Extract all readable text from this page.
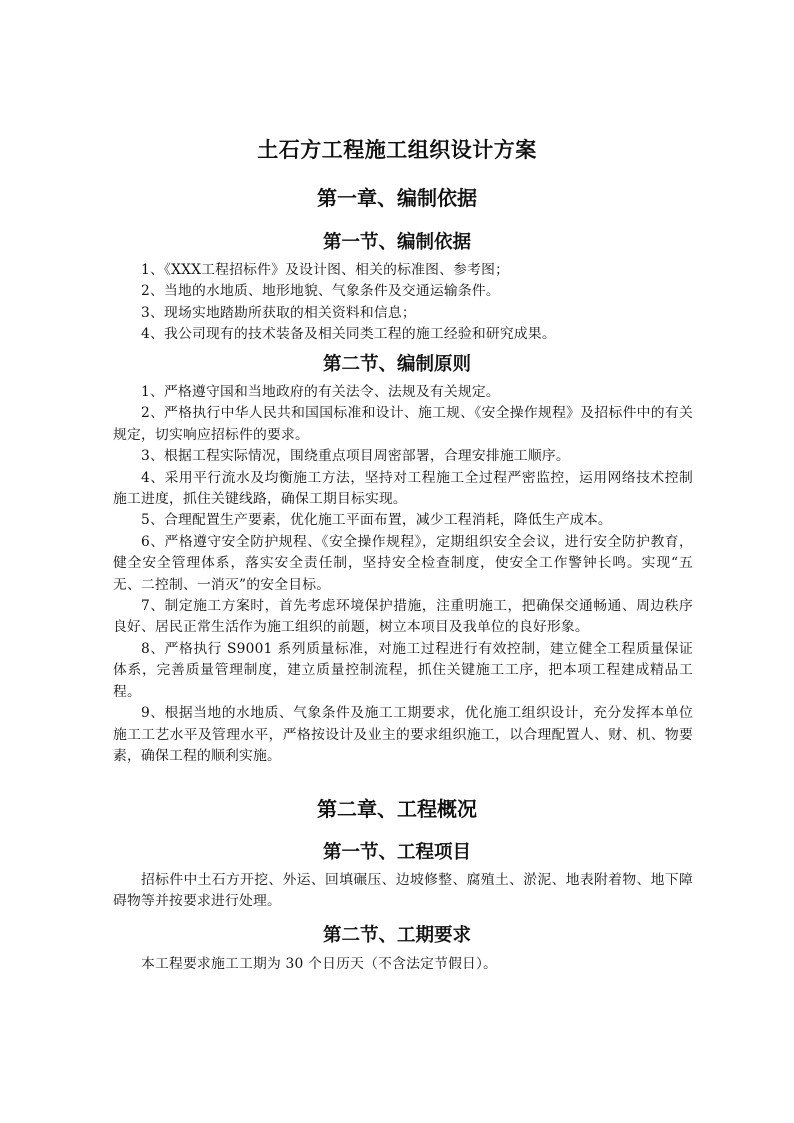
土石方工程施工组织设计方案
第一章、编制依据
第一节、编制依据

1、《XXX工程招标件》及设计图、相关的标准图、参考图；

2、当地的水地质、地形地貌、气象条件及交通运输条件。

3、现场实地踏勘所获取的相关资料和信息；

4、我公司现有的技术装备及相关同类工程的施工经验和研究成果。

第二节、编制原则

1、严格遵守国和当地政府的有关法令、法规及有关规定。

2、严格执行中华人民共和国国标准和设计、施工规、《安全操作规程》及招标件中的有关规定，切实响应招标件的要求。

3、根据工程实际情况，围绕重点项目周密部署，合理安排施工顺序。

4、采用平行流水及均衡施工方法，坚持对工程施工全过程严密监控，运用网络技术控制施工进度，抓住关键线路，确保工期目标实现。

5、合理配置生产要素，优化施工平面布置，减少工程消耗，降低生产成本。

6、严格遵守安全防护规程、《安全操作规程》，定期组织安全会议，进行安全防护教育，健全安全管理体系，落实安全责任制，坚持安全检查制度，使安全工作警钟长鸣。实现“五无、二控制、一消灭”的安全目标。

7、制定施工方案时，首先考虑环境保护措施，注重明施工，把确保交通畅通、周边秩序良好、居民正常生活作为施工组织的前题，树立本项目及我单位的良好形象。

8、严格执行 S9001 系列质量标准，对施工过程进行有效控制，建立健全工程质量保证体系，完善质量管理制度，建立质量控制流程，抓住关键施工工序，把本项工程建成精品工程。

9、根据当地的水地质、气象条件及施工工期要求，优化施工组织设计，充分发挥本单位施工工艺水平及管理水平，严格按设计及业主的要求组织施工，以合理配置人、财、机、物要素，确保工程的顺利实施。

第二章、工程概况
第一节、工程项目

招标件中土石方开挖、外运、回填碾压、边坡修整、腐殖土、淤泥、地表附着物、地下障碍物等并按要求进行处理。

第二节、工期要求

本工程要求施工工期为 30 个日历天（不含法定节假日）。
